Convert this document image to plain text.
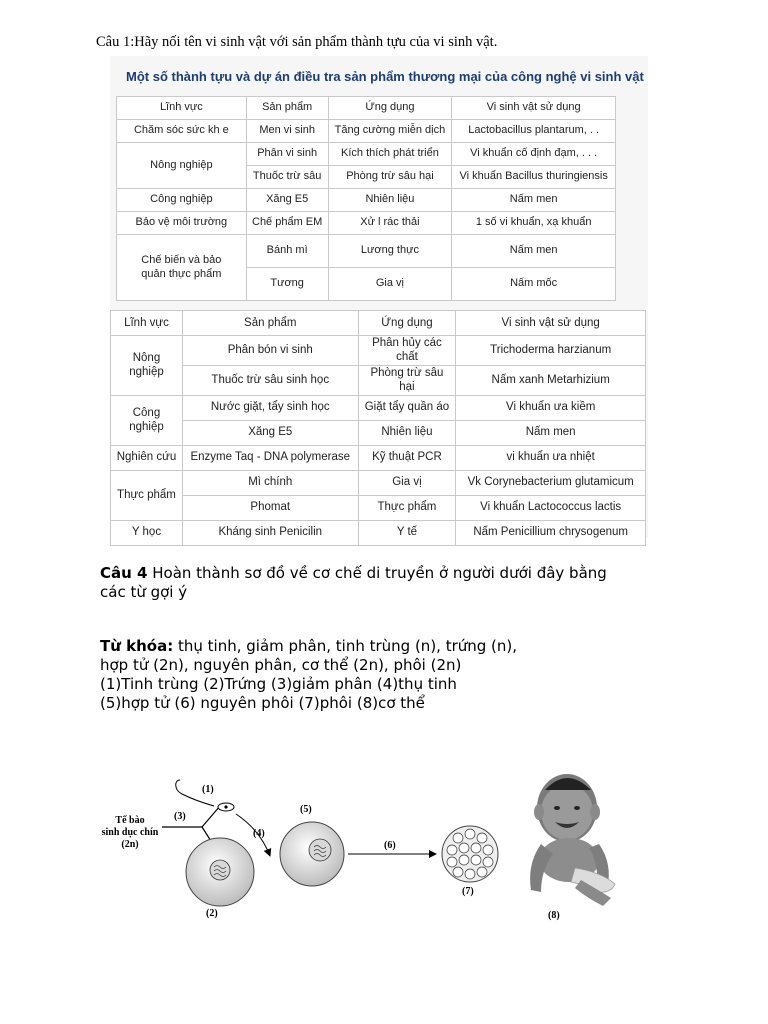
Câu 1:Hãy nối tên vi sinh vật với sản phẩm thành tựu của vi sinh vật.
Một số thành tựu và dự án điều tra sản phẩm thương mại của công nghệ vi sinh vật
Lĩnh vực	Sản phẩm	Ứng dụng	Vi sinh vật sử dụng
Chăm sóc sức kh e	Men vi sinh	Tăng cường miễn dịch	Lactobacillus plantarum, . .
Nông nghiệp	Phân vi sinh	Kích thích phát triển	Vi khuẩn cố định đạm, . . .
	Thuốc trừ sâu	Phòng trừ sâu hại	Vi khuẩn Bacillus thuringiensis
Công nghiệp	Xăng E5	Nhiên liệu	Nấm men
Bảo vệ môi trường	Chế phẩm EM	Xử l rác thải	1 số vi khuẩn, xạ khuẩn
Chế biến và bảo quản thực phẩm	Bánh mì	Lương thực	Nấm men
	Tương	Gia vị	Nấm mốc
Lĩnh vực	Sản phẩm	Ứng dụng	Vi sinh vật sử dụng
Nông nghiệp	Phân bón vi sinh	Phân hủy các chất	Trichoderma harzianum
	Thuốc trừ sâu sinh học	Phòng trừ sâu hại	Nấm xanh Metarhizium
Công nghiệp	Nước giặt, tẩy sinh học	Giặt tẩy quần áo	Vi khuẩn ưa kiềm
	Xăng E5	Nhiên liệu	Nấm men
Nghiên cứu	Enzyme Taq - DNA polymerase	Kỹ thuật PCR	vi khuẩn ưa nhiệt
Thực phẩm	Mì chính	Gia vị	Vk Corynebacterium glutamicum
	Phomat	Thực phẩm	Vi khuẩn Lactococcus lactis
Y học	Kháng sinh Penicilin	Y tế	Nấm Penicillium chrysogenum
Câu 4 Hoàn thành sơ đồ về cơ chế di truyền ở người dưới đây bằng các từ gợi ý
Từ khóa: thụ tinh, giảm phân, tinh trùng (n), trứng (n),
hợp tử (2n), nguyên phân, cơ thể (2n), phôi (2n)
(1)Tinh trùng (2)Trứng (3)giảm phân (4)thụ tinh
(5)hợp tử (6) nguyên phôi (7)phôi (8)cơ thể
Tế bào
sinh dục chín
(2n)
(3)
(1)
(2)
(4)
(5)
(6)
(7)
(8)
